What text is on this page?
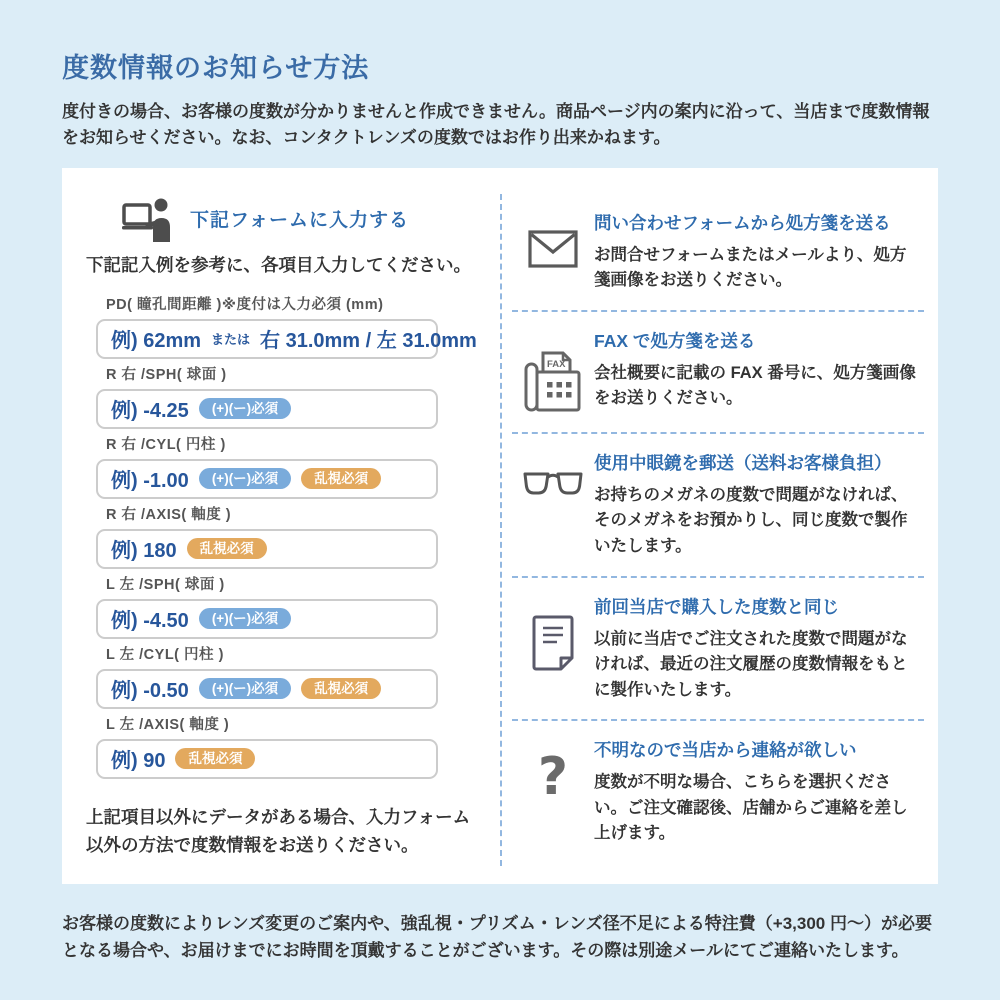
度数情報のお知らせ方法

度付きの場合、お客様の度数が分かりませんと作成できません。商品ページ内の案内に沿って、当店まで度数情報をお知らせください。なお、コンタクトレンズの度数ではお作り出来かねます。

下記フォームに入力する

下記記入例を参考に、各項目入力してください。

PD( 瞳孔間距離 )※度付は入力必須 (mm)
例) 62mm または 右 31.0mm / 左 31.0mm
R 右 /SPH( 球面 )
例) -4.25	(+)(ー)必須
R 右 /CYL( 円柱 )
例) -1.00	(+)(ー)必須	乱視必須
R 右 /AXIS( 軸度 )
例) 180	乱視必須
L 左 /SPH( 球面 )
例) -4.50	(+)(ー)必須
L 左 /CYL( 円柱 )
例) -0.50	(+)(ー)必須	乱視必須
L 左 /AXIS( 軸度 )
例) 90	乱視必須

上記項目以外にデータがある場合、入力フォーム以外の方法で度数情報をお送りください。

問い合わせフォームから処方箋を送る

お問合せフォームまたはメールより、処方箋画像をお送りください。

FAX
FAX で処方箋を送る

会社概要に記載の FAX 番号に、処方箋画像をお送りください。

使用中眼鏡を郵送（送料お客様負担）

お持ちのメガネの度数で問題がなければ、そのメガネをお預かりし、同じ度数で製作いたします。

前回当店で購入した度数と同じ

以前に当店でご注文された度数で問題がなければ、最近の注文履歴の度数情報をもとに製作いたします。

? 不明なので当店から連絡が欲しい

度数が不明な場合、こちらを選択ください。ご注文確認後、店舗からご連絡を差し上げます。

お客様の度数によりレンズ変更のご案内や、強乱視・プリズム・レンズ径不足による特注費（+3,300 円～）が必要となる場合や、お届けまでにお時間を頂戴することがございます。その際は別途メールにてご連絡いたします。
